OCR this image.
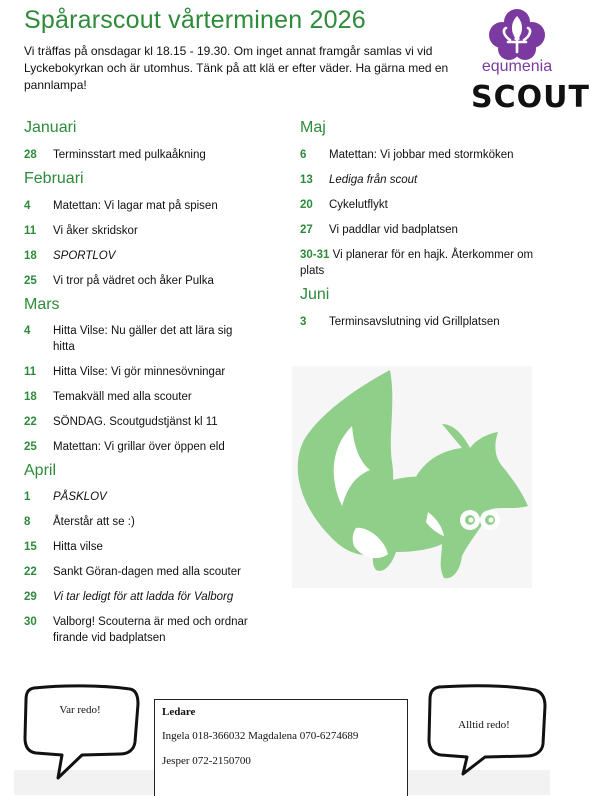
Spårarscout vårterminen 2026
Vi träffas på onsdagar kl 18.15 - 19.30. Om inget annat framgår samlas vi vid Lyckebokyrkan och är utomhus. Tänk på att klä er efter väder. Ha gärna med en pannlampa!
equmenia
SCOUT
Januari
28	Terminsstart med pulkaåkning
Februari
4	Matettan: Vi lagar mat på spisen
11	Vi åker skridskor
18	SPORTLOV
25	Vi tror på vädret och åker Pulka
Mars
4	Hitta Vilse: Nu gäller det att lära sig hitta
11	Hitta Vilse: Vi gör minnesövningar
18	Temakväll med alla scouter
22	SÖNDAG. Scoutgudstjänst kl 11
25	Matettan: Vi grillar över öppen eld
April
1	PÅSKLOV
8	Återstår att se :)
15	Hitta vilse
22	Sankt Göran-dagen med alla scouter
29	Vi tar ledigt för att ladda för Valborg
30	Valborg! Scouterna är med och ordnar firande vid badplatsen
Maj
6	Matettan: Vi jobbar med stormköken
13	Lediga från scout
20	Cykelutflykt
27	Vi paddlar vid badplatsen
30-31 Vi planerar för en hajk. Återkommer om plats
Juni
3	Terminsavslutning vid Grillplatsen
Var redo!
Alltid redo!
Ledare
Ingela 018-366032 Magdalena 070-6274689
Jesper 072-2150700
